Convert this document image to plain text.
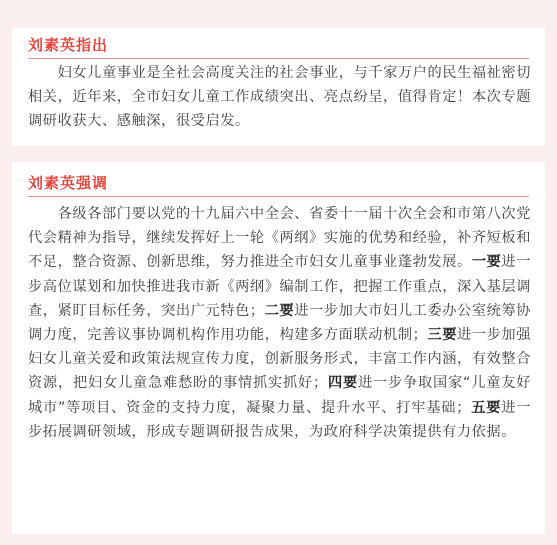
刘素英指出
　　妇女儿童事业是全社会高度关注的社会事业，与千家万户的民生福祉密切相关，近年来，全市妇女儿童工作成绩突出、亮点纷呈，值得肯定！本次专题调研收获大、感触深，很受启发。
刘素英强调
　　各级各部门要以党的十九届六中全会、省委十一届十次全会和市第八次党代会精神为指导，继续发挥好上一轮《两纲》实施的优势和经验，补齐短板和不足，整合资源、创新思维，努力推进全市妇女儿童事业蓬勃发展。一要进一步高位谋划和加快推进我市新《两纲》编制工作，把握工作重点，深入基层调查，紧盯目标任务，突出广元特色；二要进一步加大市妇儿工委办公室统筹协调力度，完善议事协调机构作用功能，构建多方面联动机制；三要进一步加强妇女儿童关爱和政策法规宣传力度，创新服务形式，丰富工作内涵，有效整合资源，把妇女儿童急难愁盼的事情抓实抓好；四要进一步争取国家“儿童友好城市”等项目、资金的支持力度，凝聚力量、提升水平、打牢基础；五要进一步拓展调研领域，形成专题调研报告成果，为政府科学决策提供有力依据。
